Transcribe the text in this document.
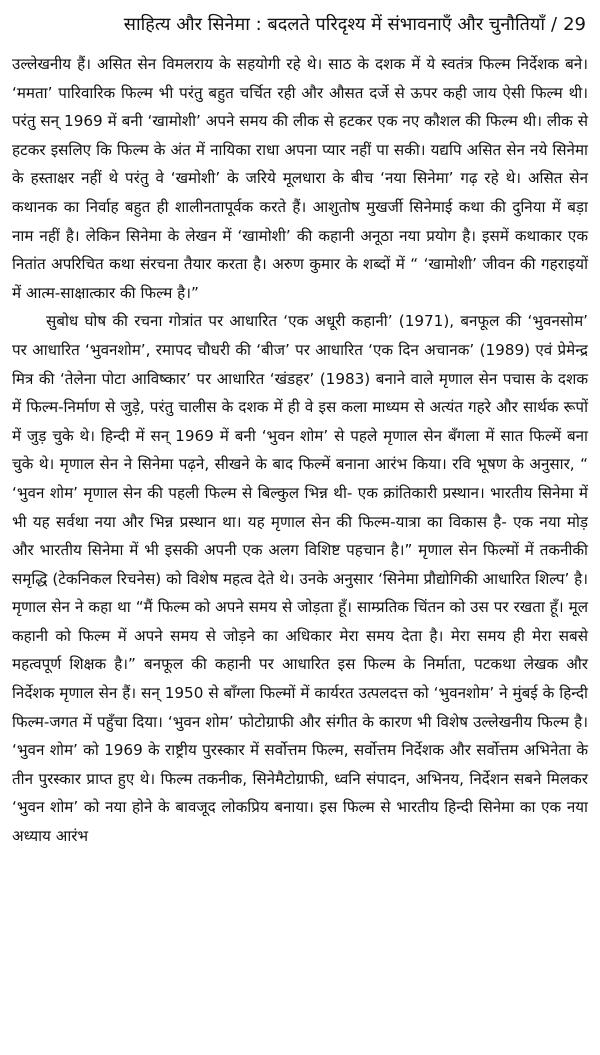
साहित्य और सिनेमा : बदलते परिदृश्य में संभावनाएँ और चुनौतियाँ / 29

उल्लेखनीय हैं। असित सेन विमलराय के सहयोगी रहे थे। साठ के दशक में ये स्वतंत्र फिल्म निर्देशक बने। ‘ममता’ पारिवारिक फिल्म भी परंतु बहुत चर्चित रही और औसत दर्जे से ऊपर कही जाय ऐसी फिल्म थी। परंतु सन् 1969 में बनी ‘खामोशी’ अपने समय की लीक से हटकर एक नए कौशल की फिल्म थी। लीक से हटकर इसलिए कि फिल्म के अंत में नायिका राधा अपना प्यार नहीं पा सकी। यद्यपि असित सेन नये सिनेमा के हस्ताक्षर नहीं थे परंतु वे ‘खमोशी’ के जरिये मूलधारा के बीच ‘नया सिनेमा’ गढ़ रहे थे। असित सेन कथानक का निर्वाह बहुत ही शालीनतापूर्वक करते हैं। आशुतोष मुखर्जी सिनेमाई कथा की दुनिया में बड़ा नाम नहीं है। लेकिन सिनेमा के लेखन में ‘खामोशी’ की कहानी अनूठा नया प्रयोग है। इसमें कथाकार एक नितांत अपरिचित कथा संरचना तैयार करता है। अरुण कुमार के शब्दों में “ ‘खामोशी’ जीवन की गहराइयों में आत्म-साक्षात्कार की फिल्म है।”

सुबोध घोष की रचना गोत्रांत पर आधारित ‘एक अधूरी कहानी’ (1971), बनफूल की ‘भुवनसोम’ पर आधारित ‘भुवनशोम’, रमापद चौधरी की ‘बीज’ पर आधारित ‘एक दिन अचानक’ (1989) एवं प्रेमेन्द्र मित्र की ‘तेलेना पोटा आविष्कार’ पर आधारित ‘खंडहर’ (1983) बनाने वाले मृणाल सेन पचास के दशक में फिल्म-निर्माण से जुड़े, परंतु चालीस के दशक में ही वे इस कला माध्यम से अत्यंत गहरे और सार्थक रूपों में जुड़ चुके थे। हिन्दी में सन् 1969 में बनी ‘भुवन शोम’ से पहले मृणाल सेन बँगला में सात फिल्में बना चुके थे। मृणाल सेन ने सिनेमा पढ़ने, सीखने के बाद फिल्में बनाना आरंभ किया। रवि भूषण के अनुसार, “ ‘भुवन शोम’ मृणाल सेन की पहली फिल्म से बिल्कुल भिन्न थी- एक क्रांतिकारी प्रस्थान। भारतीय सिनेमा में भी यह सर्वथा नया और भिन्न प्रस्थान था। यह मृणाल सेन की फिल्म-यात्रा का विकास है- एक नया मोड़ और भारतीय सिनेमा में भी इसकी अपनी एक अलग विशिष्ट पहचान है।” मृणाल सेन फिल्मों में तकनीकी समृद्धि (टेकनिकल रिचनेस) को विशेष महत्व देते थे। उनके अनुसार ‘सिनेमा प्रौद्योगिकी आधारित शिल्प’ है। मृणाल सेन ने कहा था “मैं फिल्म को अपने समय से जोड़ता हूँ। साम्प्रतिक चिंतन को उस पर रखता हूँ। मूल कहानी को फिल्म में अपने समय से जोड़ने का अधिकार मेरा समय देता है। मेरा समय ही मेरा सबसे महत्वपूर्ण शिक्षक है।” बनफूल की कहानी पर आधारित इस फिल्म के निर्माता, पटकथा लेखक और निर्देशक मृणाल सेन हैं। सन् 1950 से बाँग्ला फिल्मों में कार्यरत उत्पलदत्त को ‘भुवनशोम’ ने मुंबई के हिन्दी फिल्म-जगत में पहुँचा दिया। ‘भुवन शोम’ फोटोग्राफी और संगीत के कारण भी विशेष उल्लेखनीय फिल्म है। ‘भुवन शोम’ को 1969 के राष्ट्रीय पुरस्कार में सर्वोत्तम फिल्म, सर्वोत्तम निर्देशक और सर्वोत्तम अभिनेता के तीन पुरस्कार प्राप्त हुए थे। फिल्म तकनीक, सिनेमैटोग्राफी, ध्वनि संपादन, अभिनय, निर्देशन सबने मिलकर ‘भुवन शोम’ को नया होने के बावजूद लोकप्रिय बनाया। इस फिल्म से भारतीय हिन्दी सिनेमा का एक नया अध्याय आरंभ
